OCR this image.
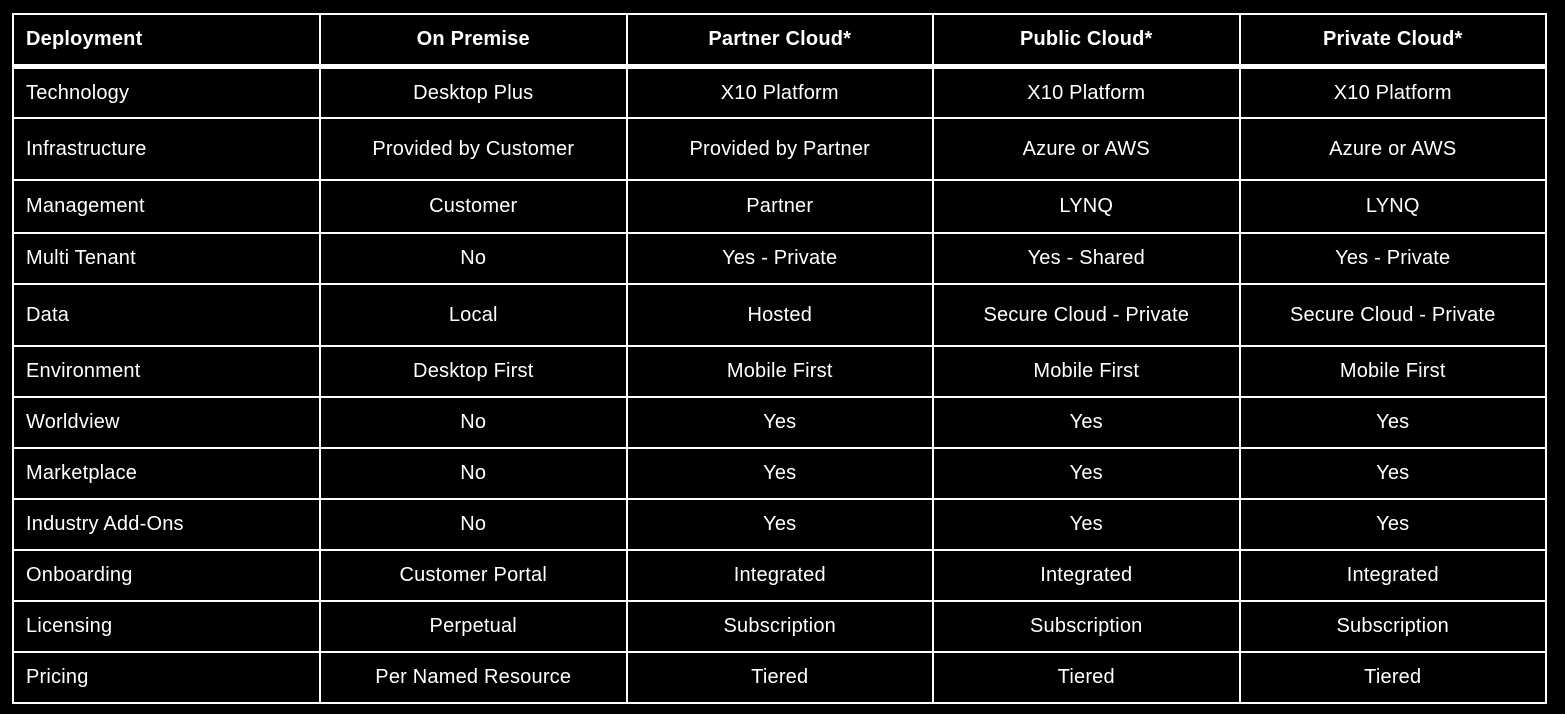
Deployment	On Premise	Partner Cloud*	Public Cloud*	Private Cloud*
Technology	Desktop Plus	X10 Platform	X10 Platform	X10 Platform
Infrastructure	Provided by Customer	Provided by Partner	Azure or AWS	Azure or AWS
Management	Customer	Partner	LYNQ	LYNQ
Multi Tenant	No	Yes - Private	Yes - Shared	Yes - Private
Data	Local	Hosted	Secure Cloud - Private	Secure Cloud - Private
Environment	Desktop First	Mobile First	Mobile First	Mobile First
Worldview	No	Yes	Yes	Yes
Marketplace	No	Yes	Yes	Yes
Industry Add-Ons	No	Yes	Yes	Yes
Onboarding	Customer Portal	Integrated	Integrated	Integrated
Licensing	Perpetual	Subscription	Subscription	Subscription
Pricing	Per Named Resource	Tiered	Tiered	Tiered
